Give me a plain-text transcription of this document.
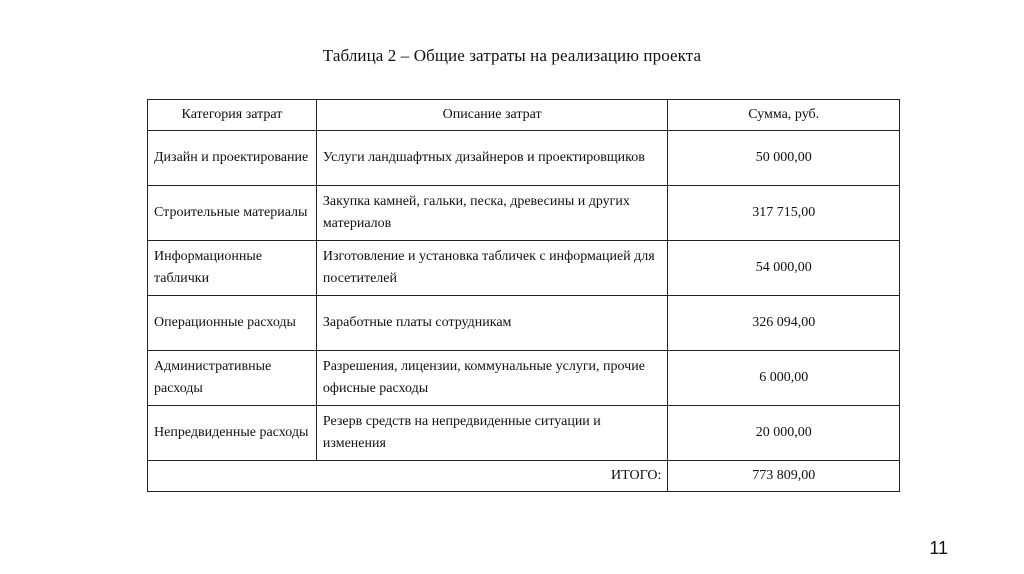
Таблица 2 – Общие затраты на реализацию проекта
Категория затрат	Описание затрат	Сумма, руб.
Дизайн и проектирование	Услуги ландшафтных дизайнеров и проектировщиков	50 000,00
Строительные материалы	Закупка камней, гальки, песка, древесины и других материалов	317 715,00
Информационные таблички	Изготовление и установка табличек с информацией для посетителей	54 000,00
Операционные расходы	Заработные платы сотрудникам	326 094,00
Административные расходы	Разрешения, лицензии, коммунальные услуги, прочие офисные расходы	6 000,00
Непредвиденные расходы	Резерв средств на непредвиденные ситуации и изменения	20 000,00
ИТОГО:		773 809,00
11
